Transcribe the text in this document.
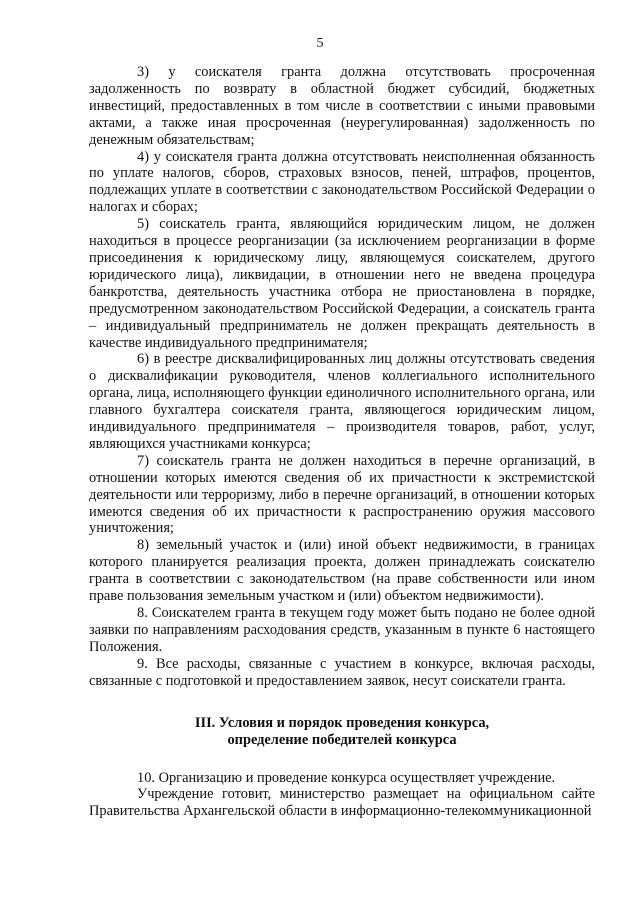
5

3) у соискателя гранта должна отсутствовать просроченная задолженность по возврату в областной бюджет субсидий, бюджетных инвестиций, предоставленных в том числе в соответствии с иными правовыми актами, а также иная просроченная (неурегулированная) задолженность по денежным обязательствам;

4) у соискателя гранта должна отсутствовать неисполненная обязанность по уплате налогов, сборов, страховых взносов, пеней, штрафов, процентов, подлежащих уплате в соответствии с законодательством Российской Федерации о налогах и сборах;

5) соискатель гранта, являющийся юридическим лицом, не должен находиться в процессе реорганизации (за исключением реорганизации в форме присоединения к юридическому лицу, являющемуся соискателем, другого юридического лица), ликвидации, в отношении него не введена процедура банкротства, деятельность участника отбора не приостановлена в порядке, предусмотренном законодательством Российской Федерации, а соискатель гранта – индивидуальный предприниматель не должен прекращать деятельность в качестве индивидуального предпринимателя;

6) в реестре дисквалифицированных лиц должны отсутствовать сведения о дисквалификации руководителя, членов коллегиального исполнительного органа, лица, исполняющего функции единоличного исполнительного органа, или главного бухгалтера соискателя гранта, являющегося юридическим лицом, индивидуального предпринимателя – производителя товаров, работ, услуг, являющихся участниками конкурса;

7) соискатель гранта не должен находиться в перечне организаций, в отношении которых имеются сведения об их причастности к экстремистской деятельности или терроризму, либо в перечне организаций, в отношении которых имеются сведения об их причастности к распространению оружия массового уничтожения;

8) земельный участок и (или) иной объект недвижимости, в границах которого планируется реализация проекта, должен принадлежать соискателю гранта в соответствии с законодательством (на праве собственности или ином праве пользования земельным участком и (или) объектом недвижимости).

8. Соискателем гранта в текущем году может быть подано не более одной заявки по направлениям расходования средств, указанным в пункте 6 настоящего Положения.

9. Все расходы, связанные с участием в конкурсе, включая расходы, связанные с подготовкой и предоставлением заявок, несут соискатели гранта.

III. Условия и порядок проведения конкурса,
определение победителей конкурса

10. Организацию и проведение конкурса осуществляет учреждение.

Учреждение готовит, министерство размещает на официальном сайте Правительства Архангельской области в информационно-телекоммуникационной
